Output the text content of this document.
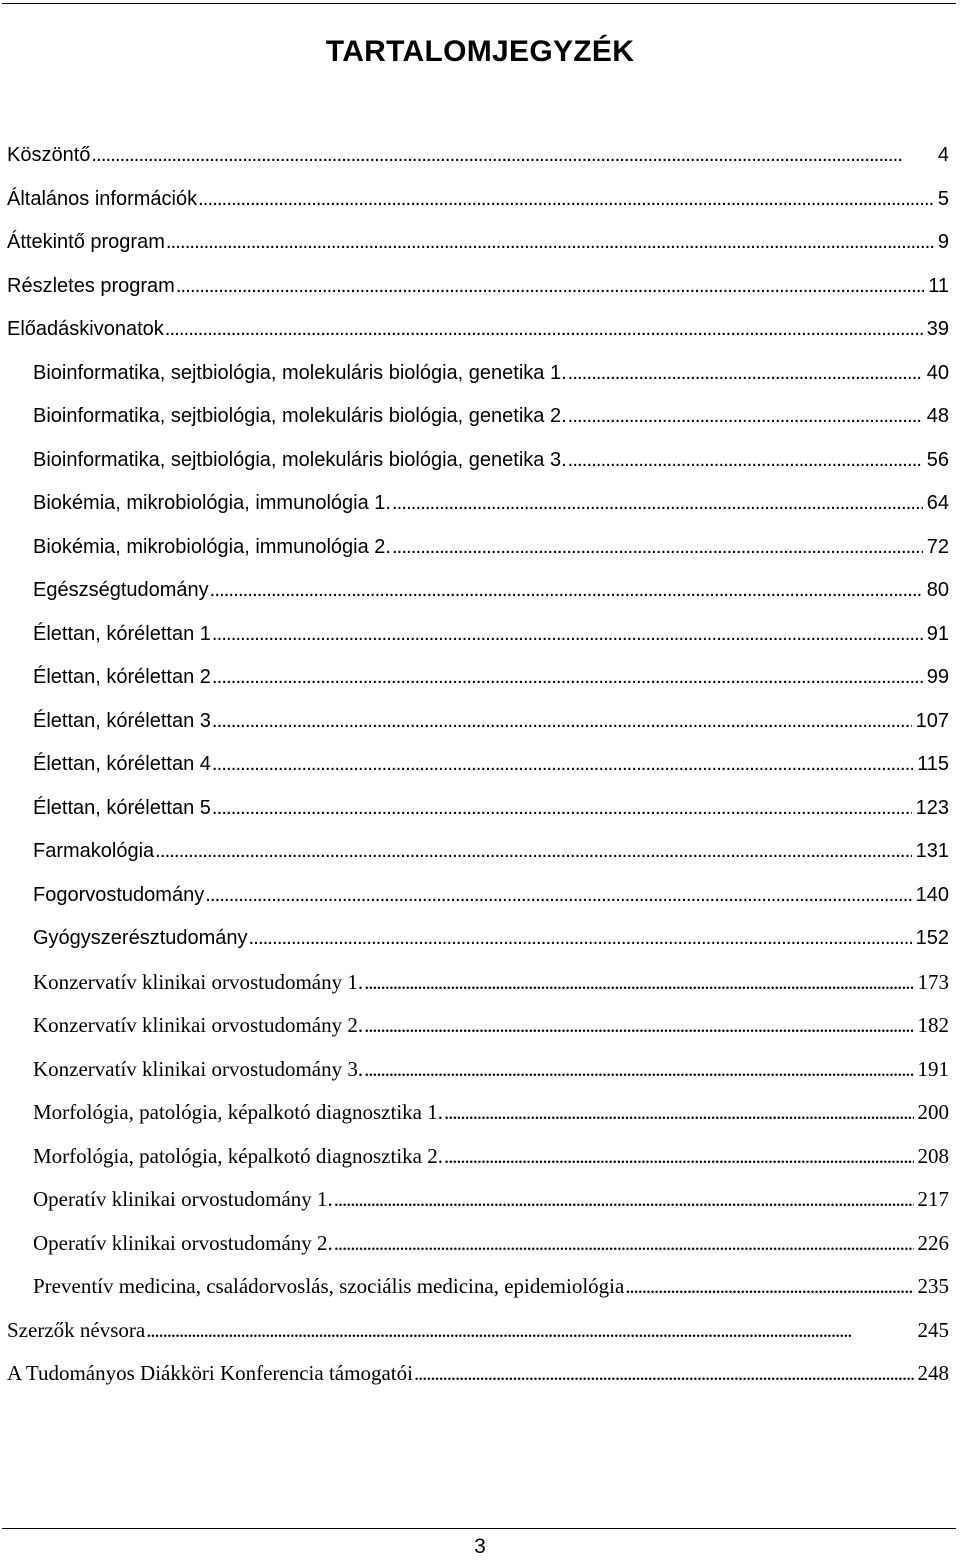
TARTALOMJEGYZÉK
Köszöntő . . .	4
Általános információk . . .	5
Áttekintő program . . .	9
Részletes program . . .	11
Előadáskivonatok . . .	39
Bioinformatika, sejtbiológia, molekuláris biológia, genetika 1. . . .	40
Bioinformatika, sejtbiológia, molekuláris biológia, genetika 2. . . .	48
Bioinformatika, sejtbiológia, molekuláris biológia, genetika 3. . . .	56
Biokémia, mikrobiológia, immunológia 1. . . .	64
Biokémia, mikrobiológia, immunológia 2. . . .	72
Egészségtudomány . . .	80
Élettan, kórélettan 1 . . .	91
Élettan, kórélettan 2 . . .	99
Élettan, kórélettan 3 . . .	107
Élettan, kórélettan 4 . . .	115
Élettan, kórélettan 5 . . .	123
Farmakológia . . .	131
Fogorvostudomány . . .	140
Gyógyszerésztudomány . . .	152
Konzervatív klinikai orvostudomány 1. . . .	173
Konzervatív klinikai orvostudomány 2. . . .	182
Konzervatív klinikai orvostudomány 3. . . .	191
Morfológia, patológia, képalkotó diagnosztika 1. . . .	200
Morfológia, patológia, képalkotó diagnosztika 2. . . .	208
Operatív klinikai orvostudomány 1. . . .	217
Operatív klinikai orvostudomány 2. . . .	226
Preventív medicina, családorvoslás, szociális medicina, epidemiológia . . .	235
Szerzők névsora . . .	245
A Tudományos Diákköri Konferencia támogatói . . .	248
3
